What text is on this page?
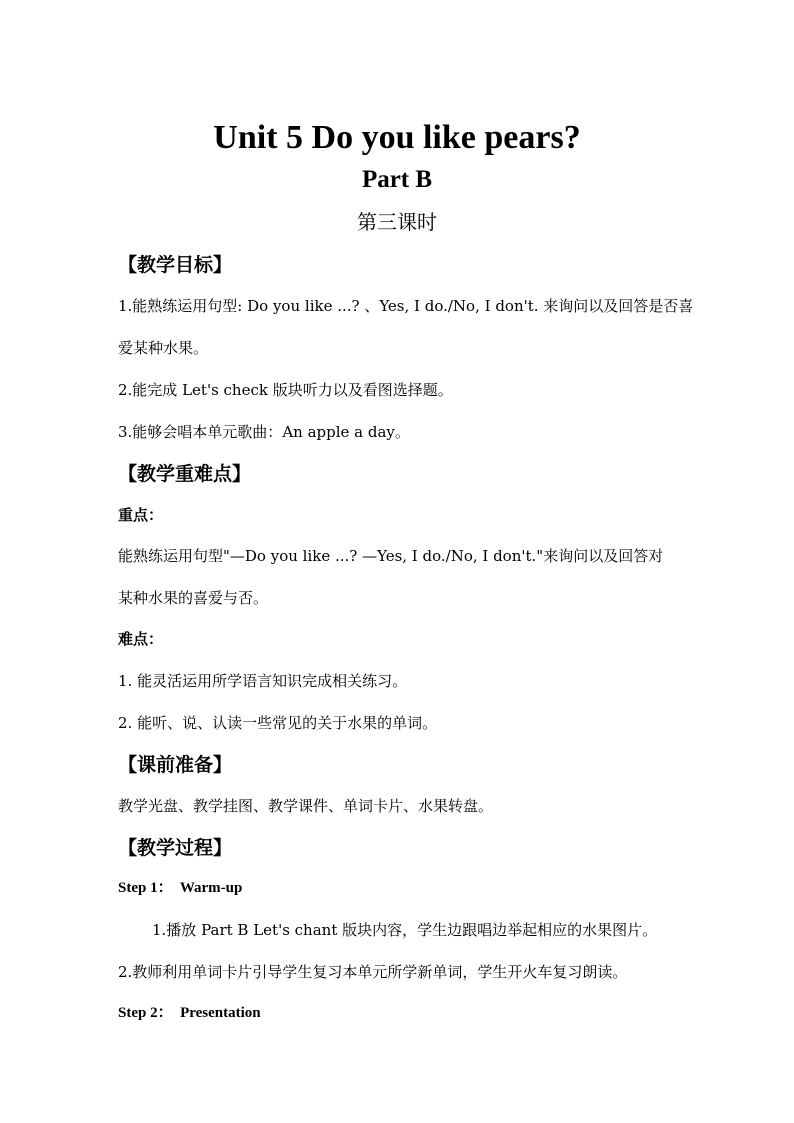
Unit 5 Do you like pears?
Part B
第三课时
【教学目标】
1.能熟练运用句型: Do you like ...? 、Yes, I do./No, I don't. 来询问以及回答是否喜
爱某种水果。
2.能完成 Let's check 版块听力以及看图选择题。
3.能够会唱本单元歌曲：An apple a day。
【教学重难点】
重点：
能熟练运用句型"—Do you like ...? —Yes, I do./No, I don't."来询问以及回答对
某种水果的喜爱与否。
难点：
1. 能灵活运用所学语言知识完成相关练习。
2. 能听、说、认读一些常见的关于水果的单词。
【课前准备】
教学光盘、教学挂图、教学课件、单词卡片、水果转盘。
【教学过程】
Step 1：  Warm-up
1.播放 Part B Let's chant 版块内容，学生边跟唱边举起相应的水果图片。
2.教师利用单词卡片引导学生复习本单元所学新单词，学生开火车复习朗读。
Step 2：  Presentation
